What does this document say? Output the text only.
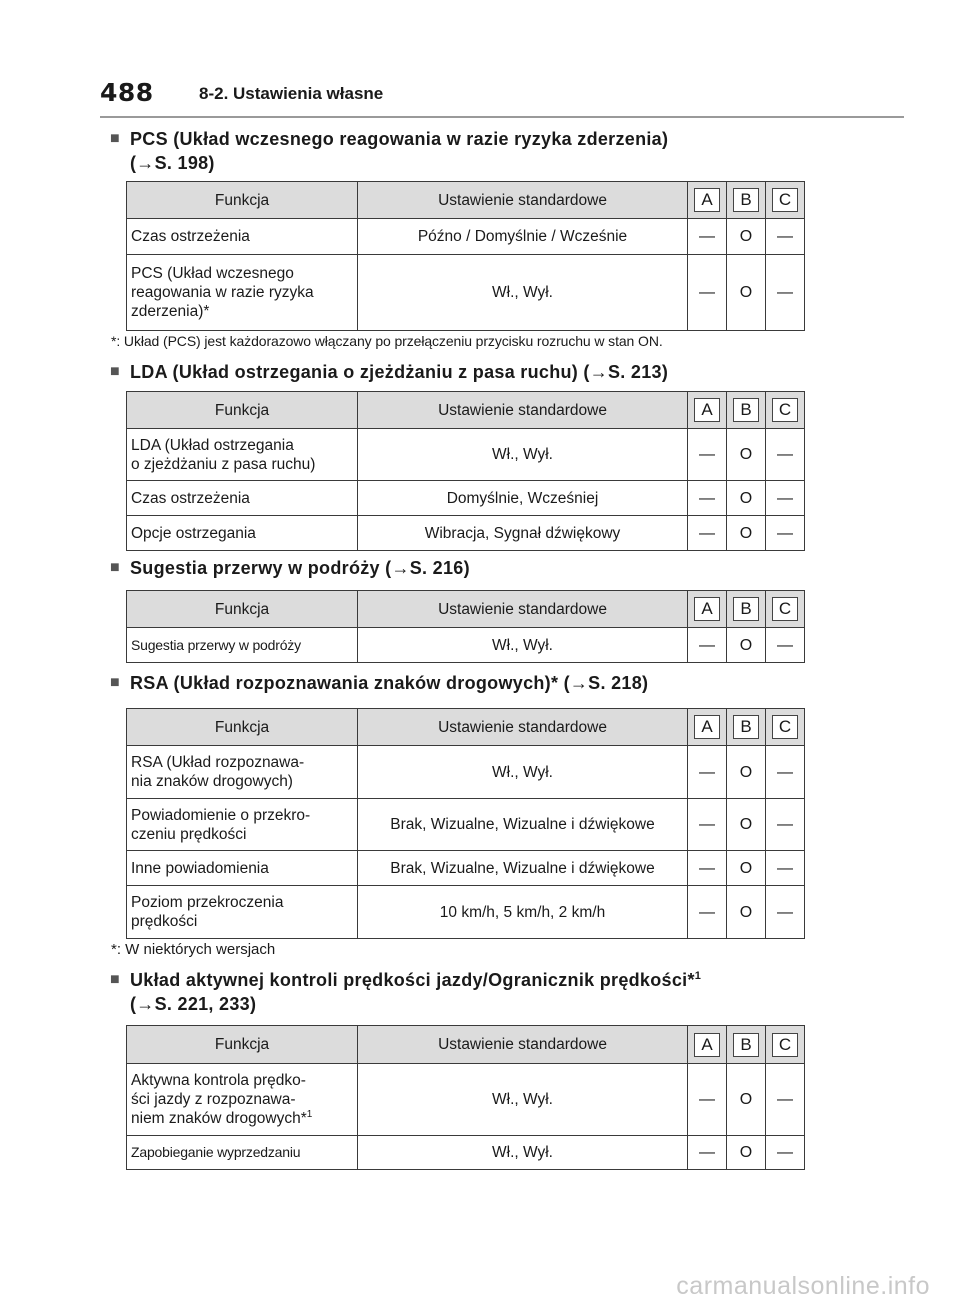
488	8-2. Ustawienia własne
■ PCS (Układ wczesnego reagowania w razie ryzyka zderzenia)
(→S. 198)
Funkcja	Ustawienie standardowe	A	B	C
Czas ostrzeżenia	Późno / Domyślnie / Wcześnie	—	O	—
PCS (Układ wczesnego reagowania w razie ryzyka zderzenia)*	Wł., Wył.	—	O	—
*: Układ (PCS) jest każdorazowo włączany po przełączeniu przycisku rozruchu w stan ON.
■ LDA (Układ ostrzegania o zjeżdżaniu z pasa ruchu) (→S. 213)
Funkcja	Ustawienie standardowe	A	B	C

LDA (Układ ostrzegania
o zjeżdżaniu z pasa ruchu)	Wł., Wył.	—	O	—
Czas ostrzeżenia	Domyślnie, Wcześniej	—	O	—
Opcje ostrzegania	Wibracja, Sygnał dźwiękowy	—	O	—
■ Sugestia przerwy w podróży (→S. 216)
Funkcja	Ustawienie standardowe	A	B	C
Sugestia przerwy w podróży	Wł., Wył.	—	O	—
■ RSA (Układ rozpoznawania znaków drogowych)* (→S. 218)
Funkcja	Ustawienie standardowe	A	B	C

RSA (Układ rozpoznawa-
nia znaków drogowych)	Wł., Wył.	—	O	—

Powiadomienie o przekro-
czeniu prędkości	Brak, Wizualne, Wizualne i dźwiękowe	—	O	—
Inne powiadomienia	Brak, Wizualne, Wizualne i dźwiękowe	—	O	—

Poziom przekroczenia
prędkości	10 km/h, 5 km/h, 2 km/h	—	O	—
*: W niektórych wersjach
■ Układ aktywnej kontroli prędkości jazdy/Ogranicznik prędkości*$^1$
(→S. 221, 233)
Funkcja	Ustawienie standardowe	A	B	C

Aktywna kontrola prędko-
ści jazdy z rozpoznawa-
niem znaków drogowych*$^1$	Wł., Wył.	—	O	—
Zapobieganie wyprzedzaniu	Wł., Wył.	—	O	—
carmanualsonline.info
